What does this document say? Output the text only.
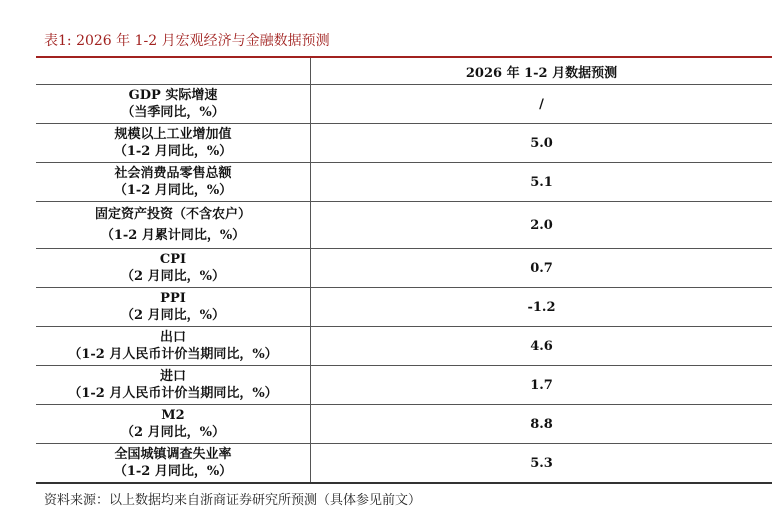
表1: 2026 年 1-2 月宏观经济与金融数据预测
2026 年 1-2 月数据预测
GDP 实际增速
（当季同比，%）
/
规模以上工业增加值
（1-2 月同比，%）
5.0
社会消费品零售总额
（1-2 月同比，%）
5.1
固定资产投资（不含农户）
（1-2 月累计同比，%）
2.0
CPI
（2 月同比，%）
0.7
PPI
（2 月同比，%）
-1.2
出口
（1-2 月人民币计价当期同比，%）
4.6
进口
（1-2 月人民币计价当期同比，%）
1.7
M2
（2 月同比，%）
8.8
全国城镇调查失业率
（1-2 月同比，%）
5.3
资料来源：以上数据均来自浙商证券研究所预测（具体参见前文）
